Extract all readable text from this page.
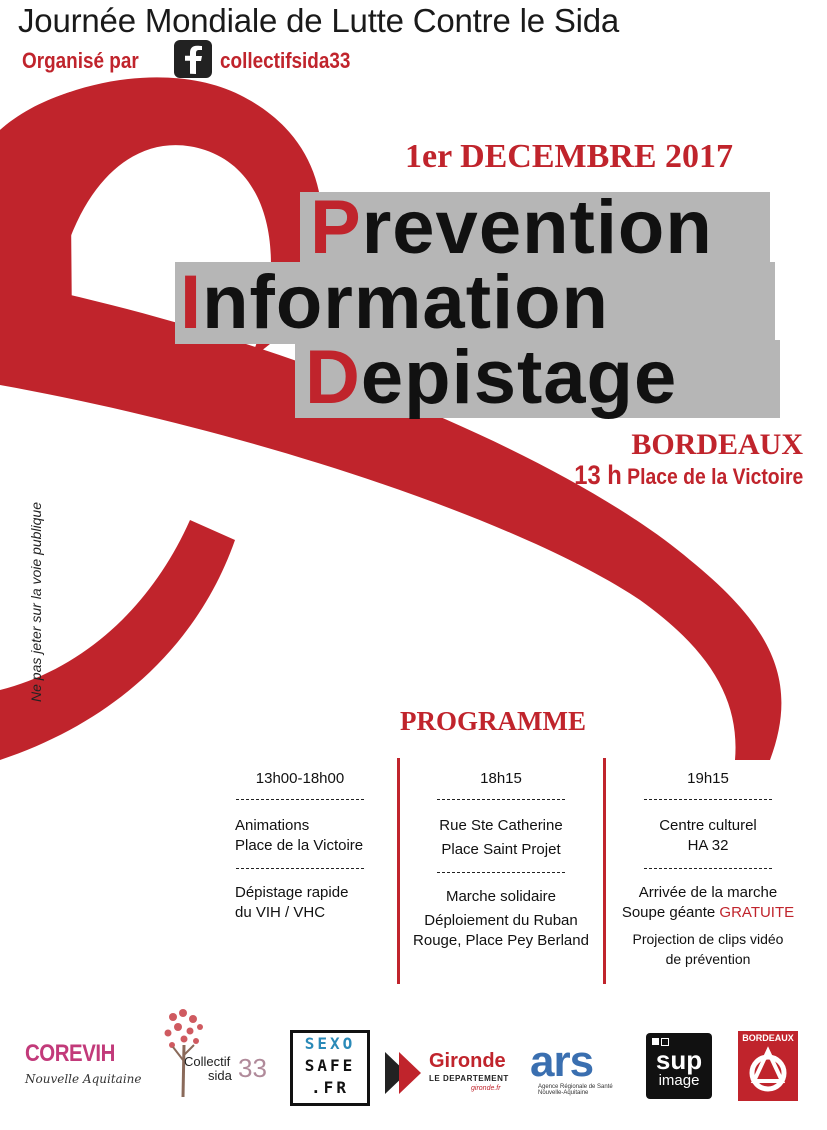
Journée Mondiale de Lutte Contre le Sida
Organisé par	collectifsida33
1er DECEMBRE 2017
Prevention
Information
Depistage
BORDEAUX
13 h Place de la Victoire
Ne pas jeter sur la voie publique
PROGRAMME
13h00-18h00
Animations
Place de la Victoire
Dépistage rapide
du VIH / VHC
18h15
Rue Ste Catherine
Place Saint Projet
Marche solidaire
Déploiement du Ruban
Rouge, Place Pey Berland
19h15
Centre culturel
HA 32
Arrivée de la marche
Soupe géante GRATUITE
Projection de clips vidéo
de prévention
COREVIH
Nouvelle Aquitaine
Collectif
sida 33
SEXO
SAFE
.FR
Gironde
LE DEPARTEMENT
gironde.fr
ars
Agence Régionale de Santé
Nouvelle-Aquitaine
sup
image
BORDEAUX
